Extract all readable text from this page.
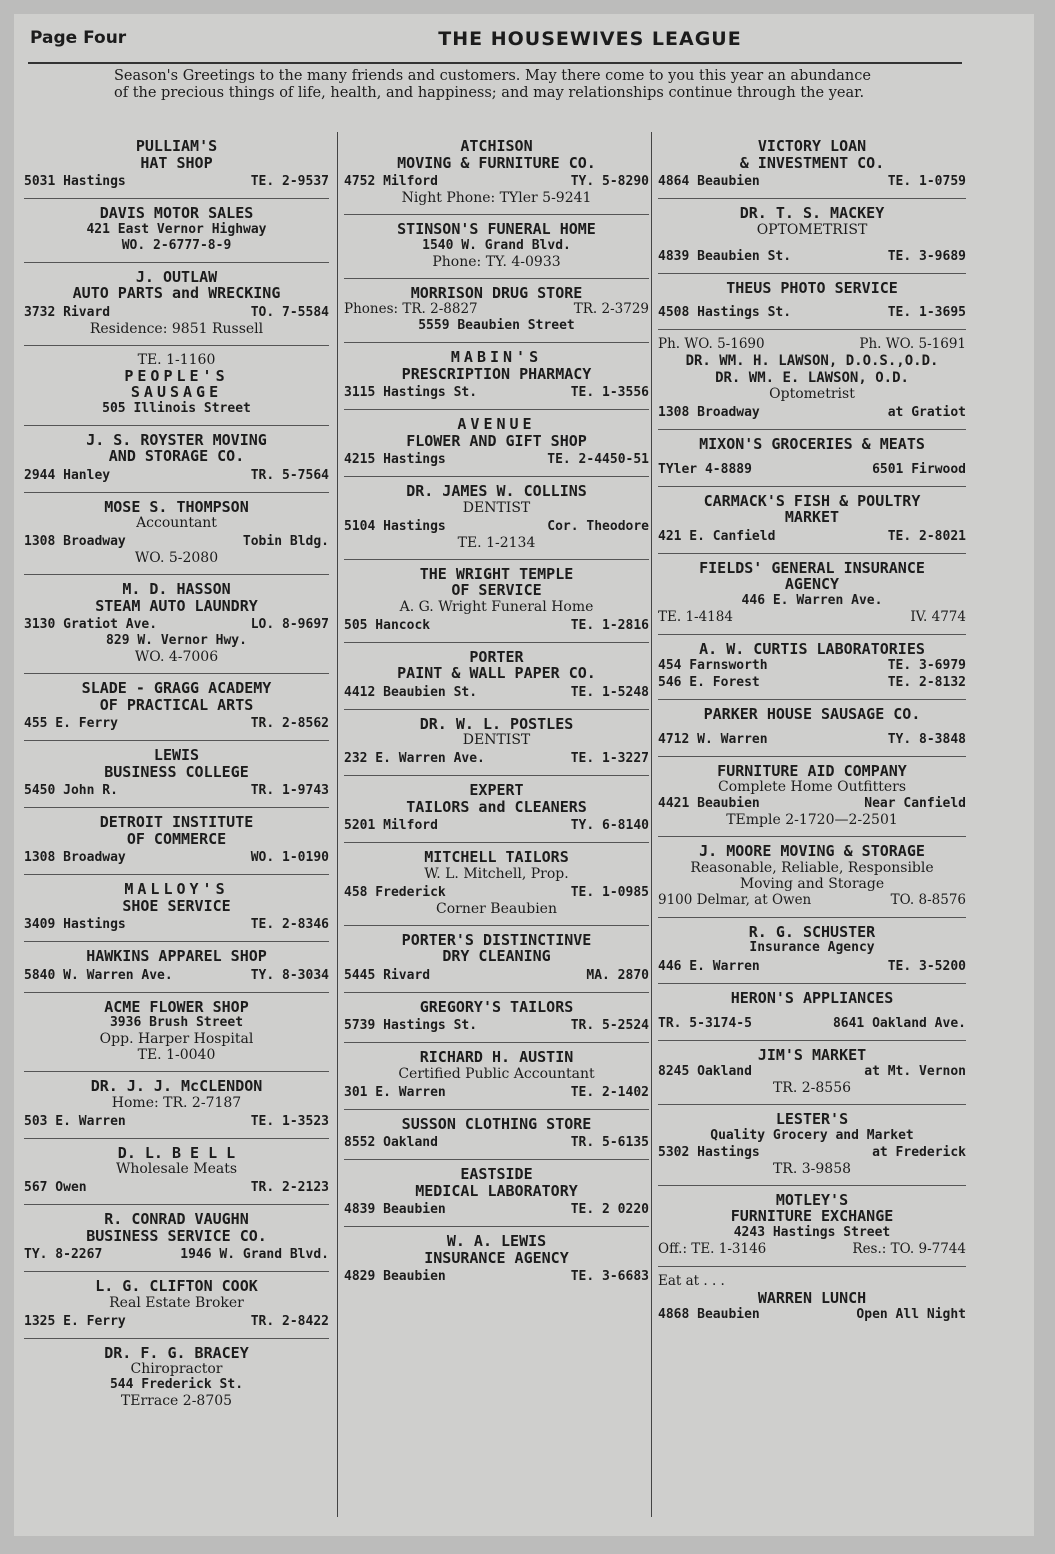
Page Four	THE HOUSEWIVES LEAGUE
Season's Greetings to the many friends and customers. May there come to you this year an abundance of the precious things of life, health, and happiness; and may relationships continue through the year.
PULLIAM'S
HAT SHOP
5031 Hastings	TE. 2-9537
DAVIS MOTOR SALES
421 East Vernor Highway
WO. 2-6777-8-9
J. OUTLAW
AUTO PARTS and WRECKING
3732 Rivard	TO. 7-5584
Residence: 9851 Russell
TE. 1-1160
PEOPLE'S
SAUSAGE
505 Illinois Street
J. S. ROYSTER MOVING
AND STORAGE CO.
2944 Hanley	TR. 5-7564
MOSE S. THOMPSON
Accountant
1308 Broadway	Tobin Bldg.
WO. 5-2080
M. D. HASSON
STEAM AUTO LAUNDRY
3130 Gratiot Ave.	LO. 8-9697
829 W. Vernor Hwy.
WO. 4-7006
SLADE - GRAGG ACADEMY
OF PRACTICAL ARTS
455 E. Ferry	TR. 2-8562
LEWIS
BUSINESS COLLEGE
5450 John R.	TR. 1-9743
DETROIT INSTITUTE
OF COMMERCE
1308 Broadway	WO. 1-0190
MALLOY'S
SHOE SERVICE
3409 Hastings	TE. 2-8346
HAWKINS APPAREL SHOP
5840 W. Warren Ave.	TY. 8-3034
ACME FLOWER SHOP
3936 Brush Street
Opp. Harper Hospital
TE. 1-0040
DR. J. J. McCLENDON
Home: TR. 2-7187
503 E. Warren	TE. 1-3523
D. L. B E L L
Wholesale Meats
567 Owen	TR. 2-2123
R. CONRAD VAUGHN
BUSINESS SERVICE CO.
TY. 8-2267	1946 W. Grand Blvd.
L. G. CLIFTON COOK
Real Estate Broker
1325 E. Ferry	TR. 2-8422
DR. F. G. BRACEY
Chiropractor
544 Frederick St.
TErrace 2-8705
ATCHISON
MOVING & FURNITURE CO.
4752 Milford	TY. 5-8290
Night Phone: TYler 5-9241
STINSON'S FUNERAL HOME
1540 W. Grand Blvd.
Phone: TY. 4-0933
MORRISON DRUG STORE
Phones: TR. 2-8827	TR. 2-3729
5559 Beaubien Street
MABIN'S
PRESCRIPTION PHARMACY
3115 Hastings St.	TE. 1-3556
AVENUE
FLOWER AND GIFT SHOP
4215 Hastings	TE. 2-4450-51
DR. JAMES W. COLLINS
DENTIST
5104 Hastings	Cor. Theodore
TE. 1-2134
THE WRIGHT TEMPLE
OF SERVICE
A. G. Wright Funeral Home
505 Hancock	TE. 1-2816
PORTER
PAINT & WALL PAPER CO.
4412 Beaubien St.	TE. 1-5248
DR. W. L. POSTLES
DENTIST
232 E. Warren Ave.	TE. 1-3227
EXPERT
TAILORS and CLEANERS
5201 Milford	TY. 6-8140
MITCHELL TAILORS
W. L. Mitchell, Prop.
458 Frederick	TE. 1-0985
Corner Beaubien
PORTER'S DISTINCTINVE
DRY CLEANING
5445 Rivard	MA. 2870
GREGORY'S TAILORS
5739 Hastings St.	TR. 5-2524
RICHARD H. AUSTIN
Certified Public Accountant
301 E. Warren	TE. 2-1402
SUSSON CLOTHING STORE
8552 Oakland	TR. 5-6135
EASTSIDE
MEDICAL LABORATORY
4839 Beaubien	TE. 2 0220
W. A. LEWIS
INSURANCE AGENCY
4829 Beaubien	TE. 3-6683
VICTORY LOAN
& INVESTMENT CO.
4864 Beaubien	TE. 1-0759
DR. T. S. MACKEY
OPTOMETRIST
4839 Beaubien St.	TE. 3-9689
THEUS PHOTO SERVICE
4508 Hastings St.	TE. 1-3695
Ph. WO. 5-1690	Ph. WO. 5-1691
DR. WM. H. LAWSON, D.O.S.,O.D.
DR. WM. E. LAWSON, O.D.
Optometrist
1308 Broadway	at Gratiot
MIXON'S GROCERIES & MEATS
TYler 4-8889	6501 Firwood
CARMACK'S FISH & POULTRY
MARKET
421 E. Canfield	TE. 2-8021
FIELDS' GENERAL INSURANCE
AGENCY
446 E. Warren Ave.
TE. 1-4184	IV. 4774
A. W. CURTIS LABORATORIES
454 Farnsworth	TE. 3-6979
546 E. Forest	TE. 2-8132
PARKER HOUSE SAUSAGE CO.
4712 W. Warren	TY. 8-3848
FURNITURE AID COMPANY
Complete Home Outfitters
4421 Beaubien	Near Canfield
TEmple 2-1720—2-2501
J. MOORE MOVING & STORAGE
Reasonable, Reliable, Responsible
Moving and Storage
9100 Delmar, at Owen	TO. 8-8576
R. G. SCHUSTER
Insurance Agency
446 E. Warren	TE. 3-5200
HERON'S APPLIANCES
TR. 5-3174-5	8641 Oakland Ave.
JIM'S MARKET
8245 Oakland	at Mt. Vernon
TR. 2-8556
LESTER'S
Quality Grocery and Market
5302 Hastings	at Frederick
TR. 3-9858
MOTLEY'S
FURNITURE EXCHANGE
4243 Hastings Street
Off.: TE. 1-3146	Res.: TO. 9-7744
Eat at . . .
WARREN LUNCH
4868 Beaubien	Open All Night
